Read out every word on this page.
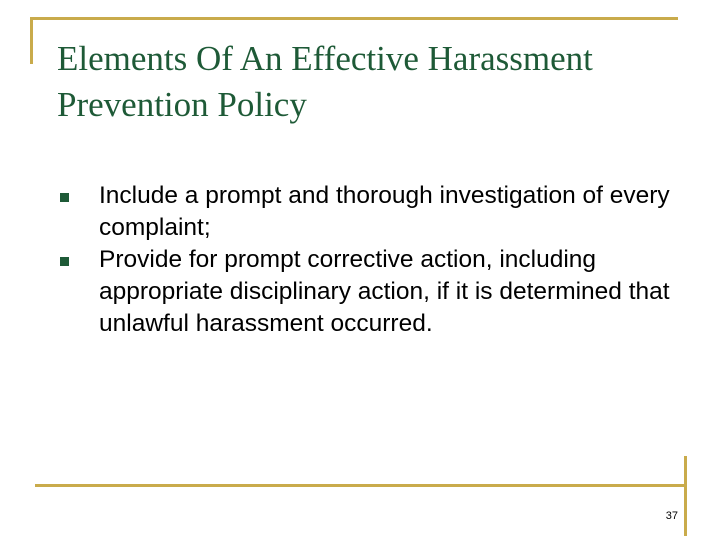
Elements Of An Effective Harassment Prevention Policy
Include a prompt and thorough investigation of every complaint;
Provide for prompt corrective action, including appropriate disciplinary action, if it is determined that unlawful harassment occurred.
37
